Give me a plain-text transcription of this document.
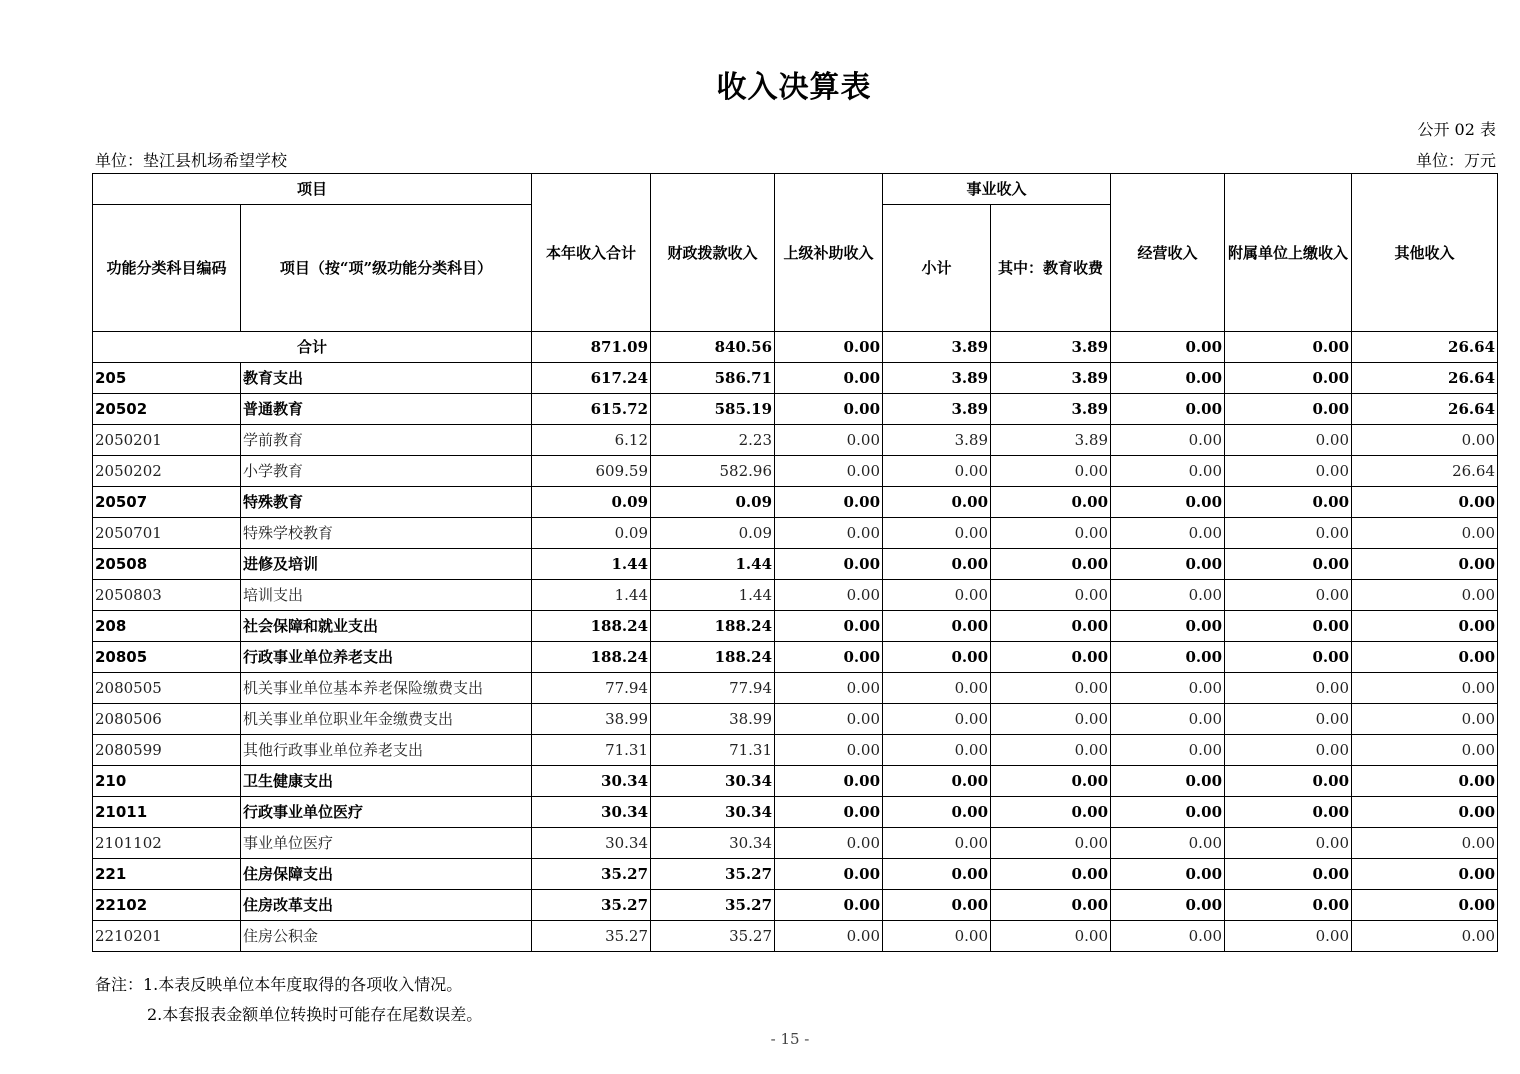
收入决算表
公开 02 表
单位：垫江县机场希望学校	单位：万元
项目		本年收入合计	财政拨款收入	上级补助收入	事业收入		经营收入	附属单位上缴收入	其他收入
功能分类科目编码	项目（按“项”级功能分类科目）				小计	其中：教育收费			
合计		871.09	840.56	0.00	3.89	3.89	0.00	0.00	26.64
205	教育支出	617.24	586.71	0.00	3.89	3.89	0.00	0.00	26.64
20502	普通教育	615.72	585.19	0.00	3.89	3.89	0.00	0.00	26.64
2050201	学前教育	6.12	2.23	0.00	3.89	3.89	0.00	0.00	0.00
2050202	小学教育	609.59	582.96	0.00	0.00	0.00	0.00	0.00	26.64
20507	特殊教育	0.09	0.09	0.00	0.00	0.00	0.00	0.00	0.00
2050701	特殊学校教育	0.09	0.09	0.00	0.00	0.00	0.00	0.00	0.00
20508	进修及培训	1.44	1.44	0.00	0.00	0.00	0.00	0.00	0.00
2050803	培训支出	1.44	1.44	0.00	0.00	0.00	0.00	0.00	0.00
208	社会保障和就业支出	188.24	188.24	0.00	0.00	0.00	0.00	0.00	0.00
20805	行政事业单位养老支出	188.24	188.24	0.00	0.00	0.00	0.00	0.00	0.00
2080505	机关事业单位基本养老保险缴费支出	77.94	77.94	0.00	0.00	0.00	0.00	0.00	0.00
2080506	机关事业单位职业年金缴费支出	38.99	38.99	0.00	0.00	0.00	0.00	0.00	0.00
2080599	其他行政事业单位养老支出	71.31	71.31	0.00	0.00	0.00	0.00	0.00	0.00
210	卫生健康支出	30.34	30.34	0.00	0.00	0.00	0.00	0.00	0.00
21011	行政事业单位医疗	30.34	30.34	0.00	0.00	0.00	0.00	0.00	0.00
2101102	事业单位医疗	30.34	30.34	0.00	0.00	0.00	0.00	0.00	0.00
221	住房保障支出	35.27	35.27	0.00	0.00	0.00	0.00	0.00	0.00
22102	住房改革支出	35.27	35.27	0.00	0.00	0.00	0.00	0.00	0.00
2210201	住房公积金	35.27	35.27	0.00	0.00	0.00	0.00	0.00	0.00
备注：1.本表反映单位本年度取得的各项收入情况。
2.本套报表金额单位转换时可能存在尾数误差。
- 15 -
